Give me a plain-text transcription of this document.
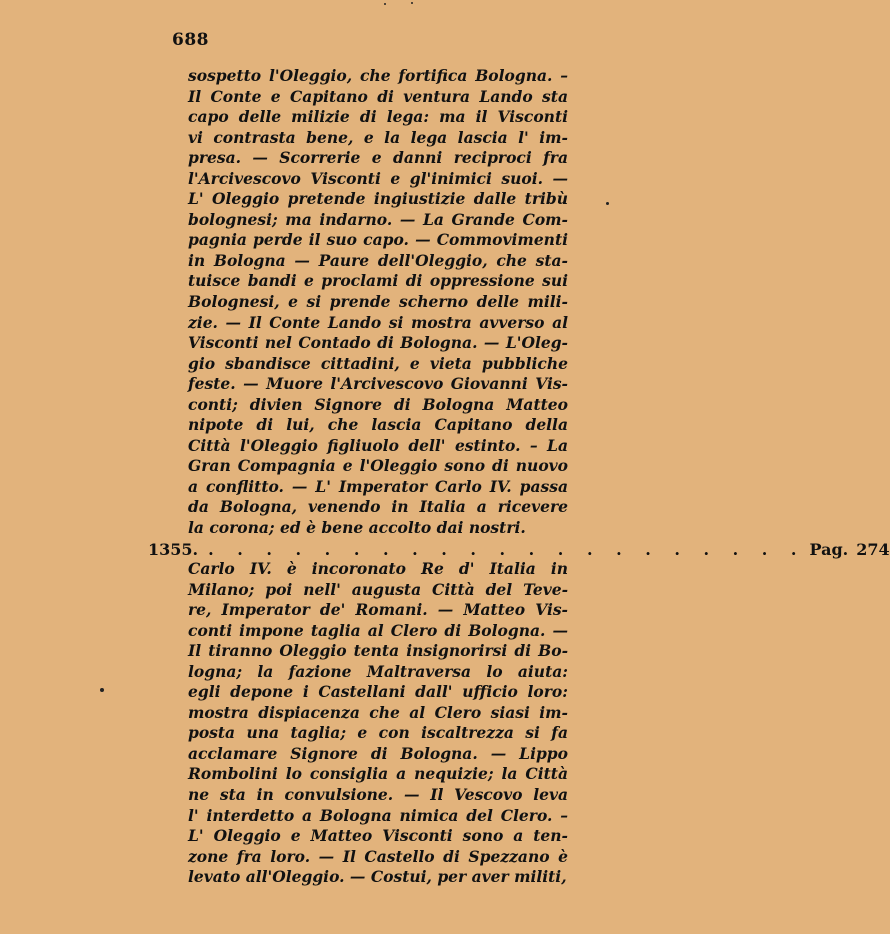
688
sospetto l'Oleggio, che fortifica Bologna. –
Il Conte e Capitano di ventura Lando sta
capo delle milizie di lega: ma il Visconti
vi contrasta bene, e la lega lascia l' im-
presa. — Scorrerie e danni reciproci fra
l'Arcivescovo Visconti e gl'inimici suoi. —
L' Oleggio pretende ingiustizie dalle tribù
bolognesi; ma indarno. — La Grande Com-
pagnia perde il suo capo. — Commovimenti
in Bologna — Paure dell'Oleggio, che sta-
tuisce bandi e proclami di oppressione sui
Bolognesi, e si prende scherno delle mili-
zie. — Il Conte Lando si mostra avverso al
Visconti nel Contado di Bologna. — L'Oleg-
gio sbandisce cittadini, e vieta pubbliche
feste. — Muore l'Arcivescovo Giovanni Vis-
conti; divien Signore di Bologna Matteo
nipote di lui, che lascia Capitano della
Città l'Oleggio figliuolo dell' estinto. – La
Gran Compagnia e l'Oleggio sono di nuovo
a conflitto. — L' Imperator Carlo IV. passa
da Bologna, venendo in Italia a ricevere
la corona; ed è bene accolto dai nostri.
1355. . . . . . . . . . . . . . . . . . . . . . Pag. 274
Carlo IV. è incoronato Re d' Italia in
Milano; poi nell' augusta Città del Teve-
re, Imperator de' Romani. — Matteo Vis-
conti impone taglia al Clero di Bologna. —
Il tiranno Oleggio tenta insignorirsi di Bo-
logna; la fazione Maltraversa lo aiuta:
egli depone i Castellani dall' ufficio loro:
mostra dispiacenza che al Clero siasi im-
posta una taglia; e con iscaltrezza si fa
acclamare Signore di Bologna. — Lippo
Rombolini lo consiglia a nequizie; la Città
ne sta in convulsione. — Il Vescovo leva
l' interdetto a Bologna nimica del Clero. –
L' Oleggio e Matteo Visconti sono a ten-
zone fra loro. — Il Castello di Spezzano è
levato all'Oleggio. — Costui, per aver militi,
